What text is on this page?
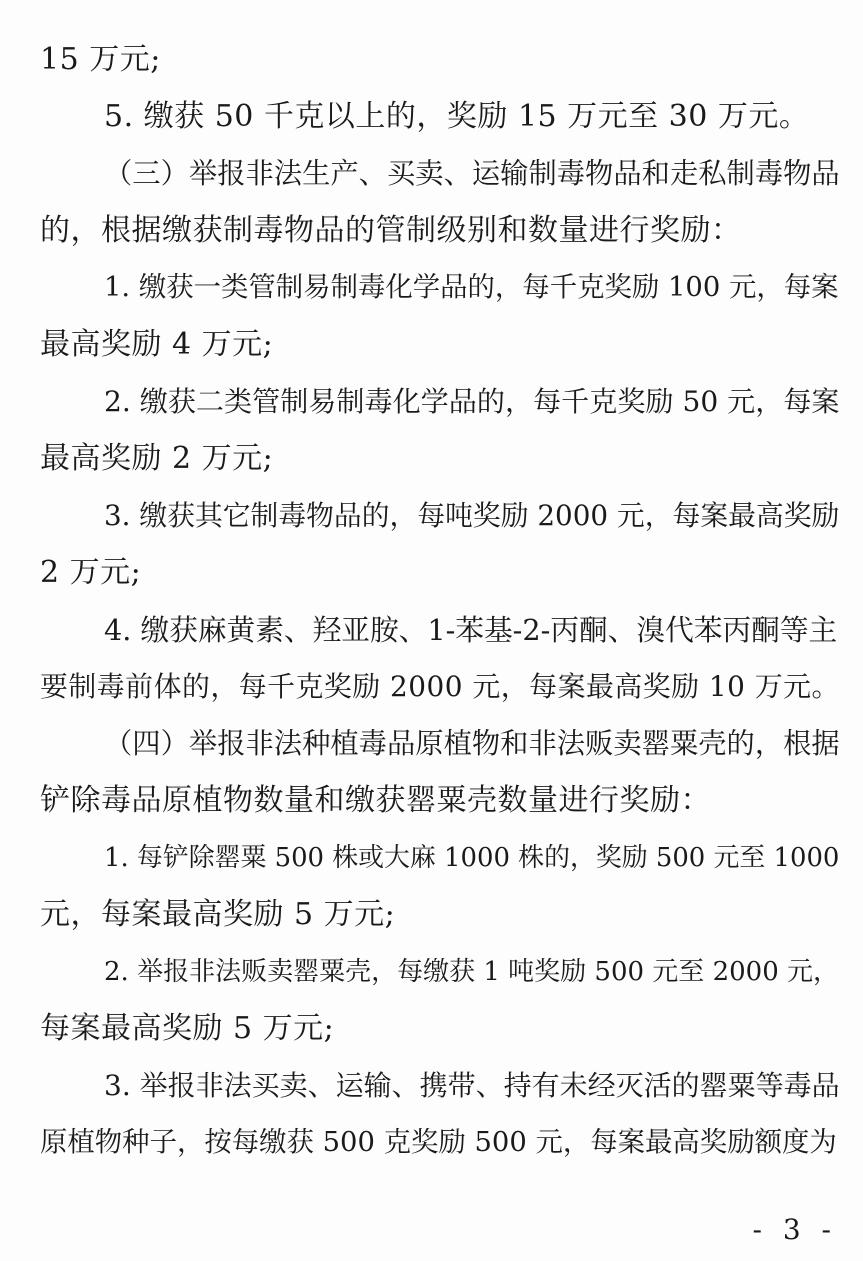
15 万元;
5. 缴获 50 千克以上的，奖励 15 万元至 30 万元。
（三）举报非法生产、买卖、运输制毒物品和走私制毒物品
的，根据缴获制毒物品的管制级别和数量进行奖励：
1. 缴获一类管制易制毒化学品的，每千克奖励 100 元，每案
最高奖励 4 万元;
2. 缴获二类管制易制毒化学品的，每千克奖励 50 元，每案
最高奖励 2 万元;
3. 缴获其它制毒物品的，每吨奖励 2000 元，每案最高奖励
2 万元;
4. 缴获麻黄素、羟亚胺、1-苯基-2-丙酮、溴代苯丙酮等主
要制毒前体的，每千克奖励 2000 元，每案最高奖励 10 万元。
（四）举报非法种植毒品原植物和非法贩卖罂粟壳的，根据
铲除毒品原植物数量和缴获罂粟壳数量进行奖励：
1. 每铲除罂粟 500 株或大麻 1000 株的，奖励 500 元至 1000
元，每案最高奖励 5 万元;
2. 举报非法贩卖罂粟壳，每缴获 1 吨奖励 500 元至 2000 元，
每案最高奖励 5 万元;
3. 举报非法买卖、运输、携带、持有未经灭活的罂粟等毒品
原植物种子，按每缴获 500 克奖励 500 元，每案最高奖励额度为
- 3 -
